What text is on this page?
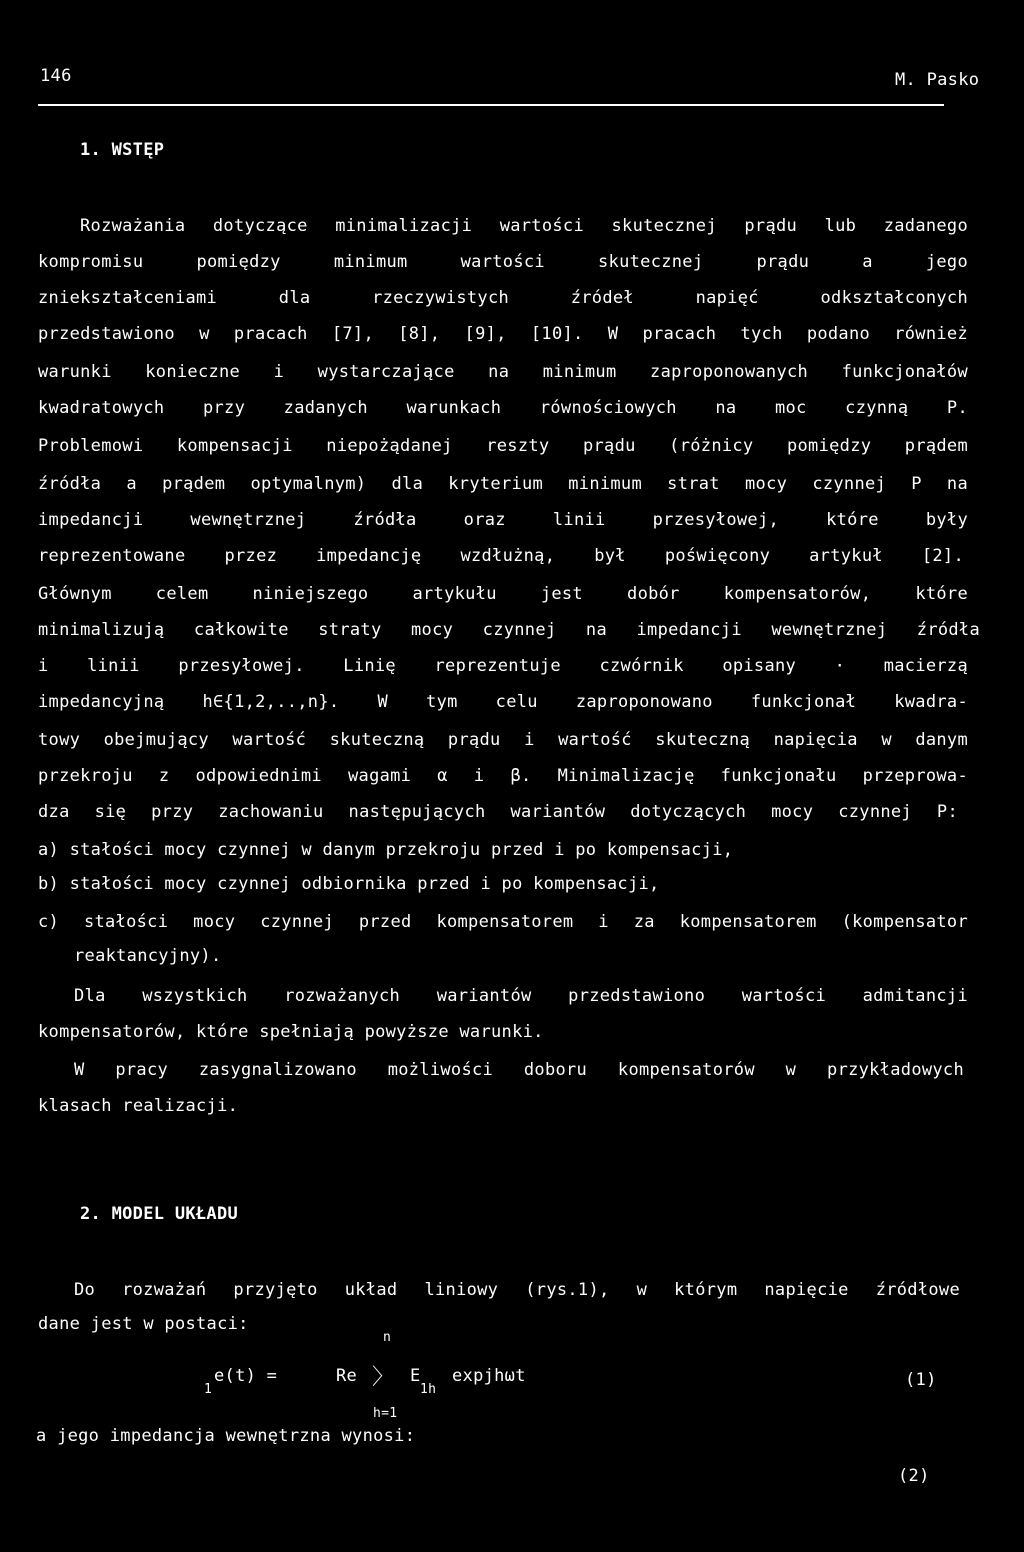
146	M. Pasko
1. WSTĘP
Rozważania dotyczące minimalizacji wartości skutecznej prądu lub zadanego
kompromisu pomiędzy minimum wartości skutecznej prądu a jego
zniekształceniami dla rzeczywistych źródeł napięć odkształconych
przedstawiono w pracach [7], [8], [9], [10]. W pracach tych podano również
warunki konieczne i wystarczające na minimum zaproponowanych funkcjonałów
kwadratowych przy zadanych warunkach równościowych na moc czynną P.
Problemowi kompensacji niepożądanej reszty prądu (różnicy pomiędzy prądem
źródła a prądem optymalnym) dla kryterium minimum strat mocy czynnej P na
impedancji wewnętrznej źródła oraz linii przesyłowej, które były
reprezentowane przez impedancję wzdłużną, był poświęcony artykuł [2].
Głównym celem niniejszego artykułu jest dobór kompensatorów, które
minimalizują całkowite straty mocy czynnej na impedancji wewnętrznej źródła
i linii przesyłowej. Linię reprezentuje czwórnik opisany · macierzą
impedancyjną h∈{1,2,..,n}. W tym celu zaproponowano funkcjonał kwadra-
towy obejmujący wartość skuteczną prądu i wartość skuteczną napięcia w danym
przekroju z odpowiednimi wagami α i β. Minimalizację funkcjonału przeprowa-
dza się przy zachowaniu następujących wariantów dotyczących mocy czynnej P:
a) stałości mocy czynnej w danym przekroju przed i po kompensacji,
b) stałości mocy czynnej odbiornika przed i po kompensacji,
c) stałości mocy czynnej przed kompensatorem i za kompensatorem (kompensator
reaktancyjny).
Dla wszystkich rozważanych wariantów przedstawiono wartości admitancji
kompensatorów, które spełniają powyższe warunki.
W pracy zasygnalizowano możliwości doboru kompensatorów w przykładowych
klasach realizacji.
2. MODEL UKŁADU
Do rozważań przyjęto układ liniowy (rys.1), w którym napięcie źródłowe
dane jest w postaci:
n
1
e(t) =	Re 〉 E
1h
expjhωt
h=1
(1)
a jego impedancja wewnętrzna wynosi:
(2)
